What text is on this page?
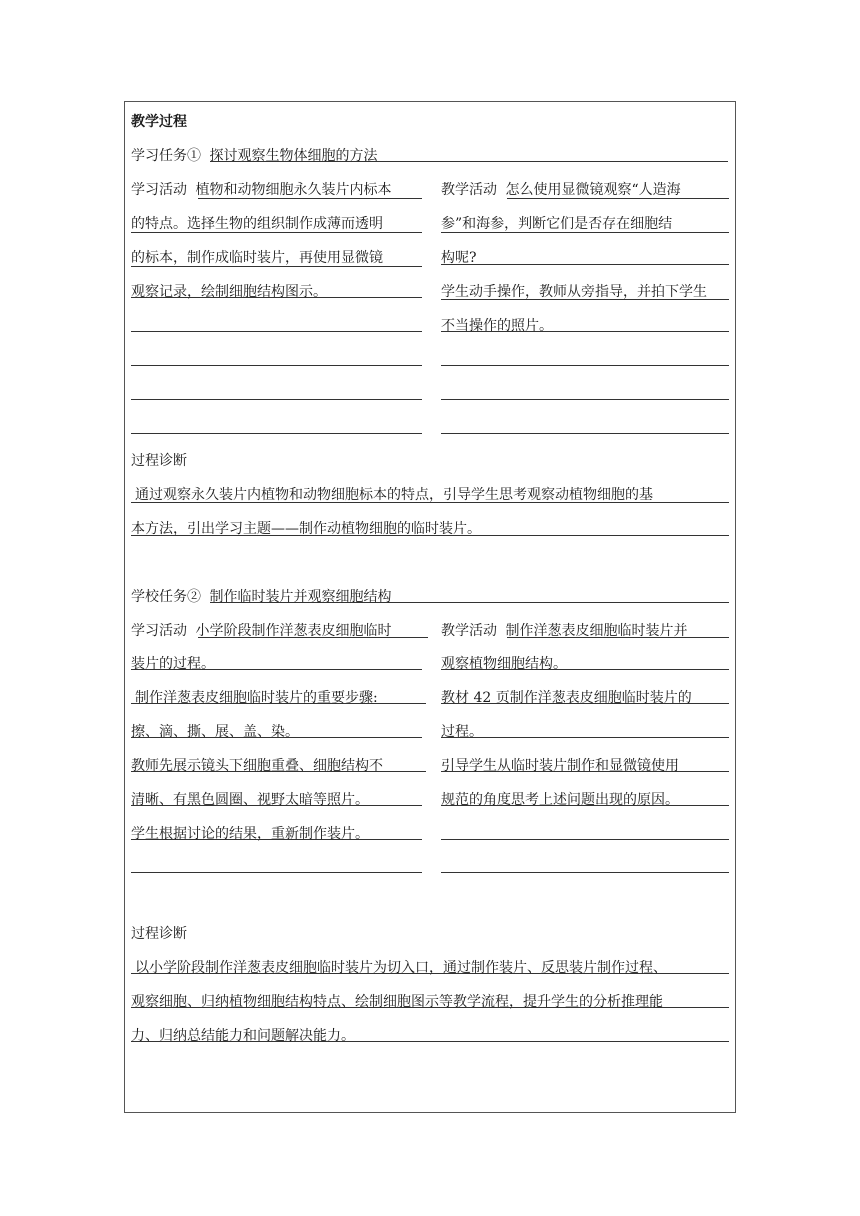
教学过程
学习任务① 探讨观察生物体细胞的方法
学习活动 植物和动物细胞永久装片内标本
的特点。选择生物的组织制作成薄而透明
的标本，制作成临时装片，再使用显微镜
观察记录，绘制细胞结构图示。
教学活动 怎么使用显微镜观察“人造海
参”和海参，判断它们是否存在细胞结
构呢?
学生动手操作，教师从旁指导，并拍下学生
不当操作的照片。
过程诊断
通过观察永久装片内植物和动物细胞标本的特点，引导学生思考观察动植物细胞的基
本方法，引出学习主题——制作动植物细胞的临时装片。
学校任务② 制作临时装片并观察细胞结构
学习活动 小学阶段制作洋葱表皮细胞临时
装片的过程。
制作洋葱表皮细胞临时装片的重要步骤:
擦、滴、撕、展、盖、染。
教师先展示镜头下细胞重叠、细胞结构不
清晰、有黑色圆圈、视野太暗等照片。
学生根据讨论的结果，重新制作装片。
教学活动 制作洋葱表皮细胞临时装片并
观察植物细胞结构。
教材 42 页制作洋葱表皮细胞临时装片的
过程。
引导学生从临时装片制作和显微镜使用
规范的角度思考上述问题出现的原因。
过程诊断
以小学阶段制作洋葱表皮细胞临时装片为切入口，通过制作装片、反思装片制作过程、
观察细胞、归纳植物细胞结构特点、绘制细胞图示等教学流程，提升学生的分析推理能
力、归纳总结能力和问题解决能力。
